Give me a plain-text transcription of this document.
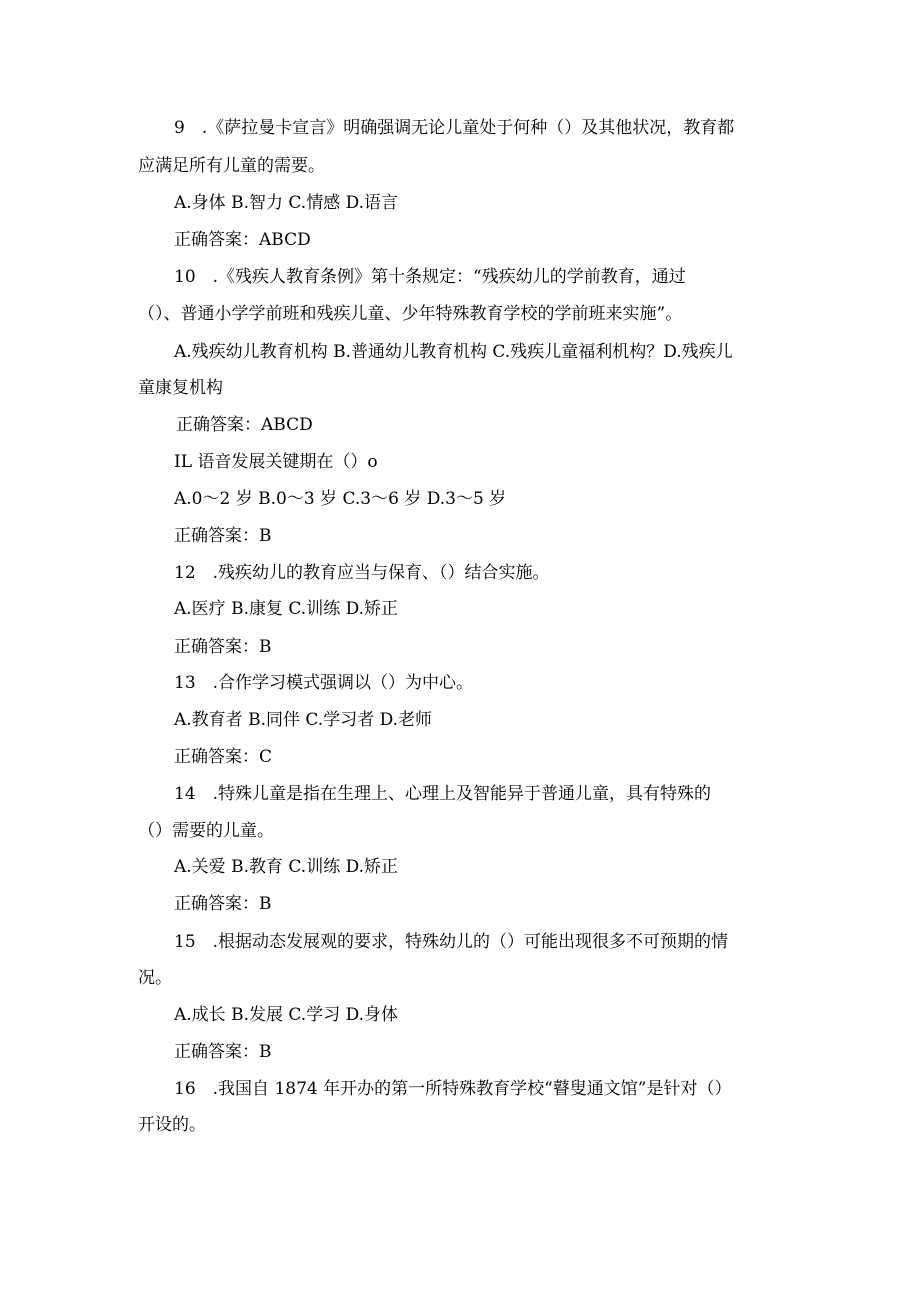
9　.《萨拉曼卡宣言》明确强调无论儿童处于何种（）及其他状况，教育都
应满足所有儿童的需要。
A.身体 B.智力 C.情感 D.语言
正确答案：ABCD
10　.《残疾人教育条例》第十条规定：“残疾幼儿的学前教育，通过
（）、普通小学学前班和残疾儿童、少年特殊教育学校的学前班来实施”。
A.残疾幼儿教育机构 B.普通幼儿教育机构 C.残疾儿童福利机构？D.残疾儿
童康复机构
正确答案：ABCD
IL 语音发展关键期在（）o
A.0～2 岁 B.0～3 岁 C.3～6 岁 D.3～5 岁
正确答案：B
12　.残疾幼儿的教育应当与保育、（）结合实施。
A.医疗 B.康复 C.训练 D.矫正
正确答案：B
13　.合作学习模式强调以（）为中心。
A.教育者 B.同伴 C.学习者 D.老师
正确答案：C
14　.特殊儿童是指在生理上、心理上及智能异于普通儿童，具有特殊的
（）需要的儿童。
A.关爱 B.教育 C.训练 D.矫正
正确答案：B
15　.根据动态发展观的要求，特殊幼儿的（）可能出现很多不可预期的情
况。
A.成长 B.发展 C.学习 D.身体
正确答案：B
16　.我国自 1874 年开办的第一所特殊教育学校“瞽叟通文馆”是针对（）
开设的。
